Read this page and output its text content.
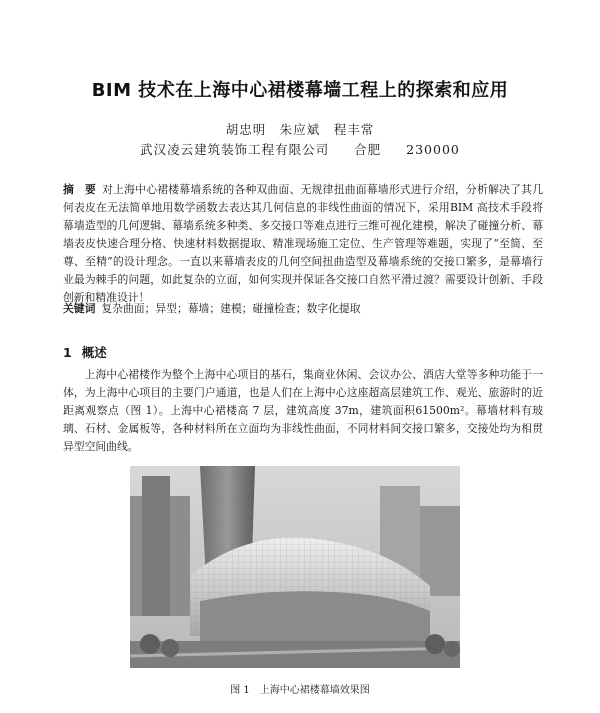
BIM 技术在上海中心裙楼幕墙工程上的探索和应用
胡忠明　朱应斌　程丰常
武汉凌云建筑装饰工程有限公司 合肥 230000
摘　要 对上海中心裙楼幕墙系统的各种双曲面、无规律扭曲面幕墙形式进行介绍，分析解决了其几何表皮在无法简单地用数学函数去表达其几何信息的非线性曲面的情况下，采用BIM 高技术手段将幕墙造型的几何逻辑、幕墙系统多种类、多交接口等难点进行三维可视化建模，解决了碰撞分析、幕墙表皮快速合理分格、快速材料数据提取、精准现场施工定位、生产管理等难题，实现了“至简、至尊、至精”的设计理念。一直以来幕墙表皮的几何空间扭曲造型及幕墙系统的交接口繁多，是幕墙行业最为棘手的问题，如此复杂的立面，如何实现并保证各交接口自然平滑过渡？需要设计创新、手段创新和精准设计！
关键词 复杂曲面；异型；幕墙；建模；碰撞检查；数字化提取
1 概述
上海中心裙楼作为整个上海中心项目的基石，集商业休闲、会议办公、酒店大堂等多种功能于一体，为上海中心项目的主要门户通道，也是人们在上海中心这座超高层建筑工作、观光、旅游时的近距离观察点（图 1）。上海中心裙楼高 7 层，建筑高度 37m，建筑面积61500m²。幕墙材料有玻璃、石材、金属板等，各种材料所在立面均为非线性曲面，不同材料间交接口繁多，交接处均为相贯异型空间曲线。
图 1 上海中心裙楼幕墙效果图
